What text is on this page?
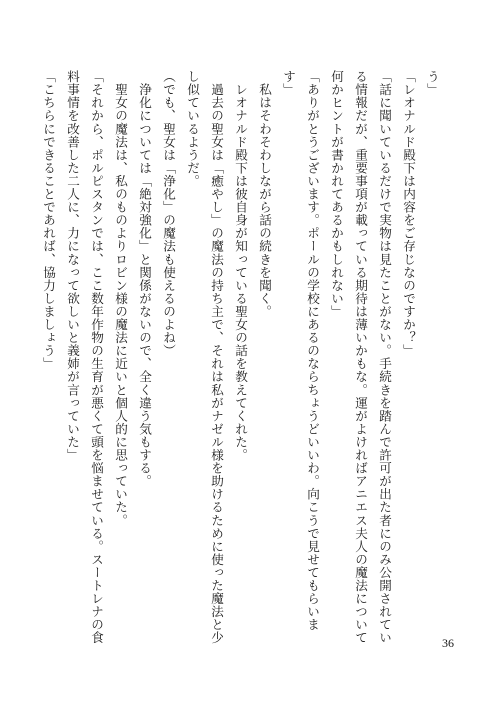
う」
「レオナルド殿下は内容をご存じなのですか？」
「話に聞いているだけで実物は見たことがない。手続きを踏んで許可が出た者にのみ公開されてい
る情報だが、重要事項が載っている期待は薄いかもな。運がよければアニエス夫人の魔法について
何かヒントが書かれてあるかもしれない」
「ありがとうございます。ポールの学校にあるのならちょうどいいわ。向こうで見せてもらいま
す」
　私はそわそわしながら話の続きを聞く。
　レオナルド殿下は彼自身が知っている聖女の話を教えてくれた。
　過去の聖女は「癒やし」の魔法の持ち主で、それは私がナゼル様を助けるために使った魔法と少
し似ているようだ。
（でも、聖女は「浄化」の魔法も使えるのよね）
　浄化については「絶対強化」と関係がないので、全く違う気もする。
　聖女の魔法は、私のものよりロビン様の魔法に近いと個人的に思っていた。
「それから、ポルピスタンでは、ここ数年作物の生育が悪くて頭を悩ませている。スートレナの食
料事情を改善した二人に、力になって欲しいと義姉が言っていた」
「こちらにできることであれば、協力しましょう」
36
